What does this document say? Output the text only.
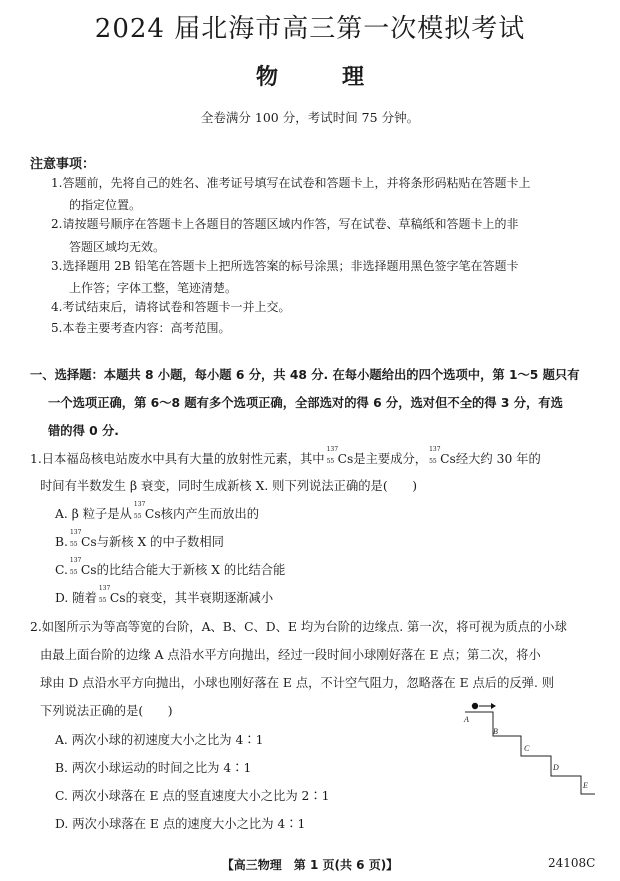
2024 届北海市高三第一次模拟考试
物	理
全卷满分 100 分，考试时间 75 分钟。
注意事项：
1.答题前，先将自己的姓名、准考证号填写在试卷和答题卡上，并将条形码粘贴在答题卡上
的指定位置。
2.请按题号顺序在答题卡上各题目的答题区域内作答，写在试卷、草稿纸和答题卡上的非
答题区域均无效。
3.选择题用 2B 铅笔在答题卡上把所选答案的标号涂黑；非选择题用黑色签字笔在答题卡
上作答；字体工整，笔迹清楚。
4.考试结束后，请将试卷和答题卡一并上交。
5.本卷主要考查内容：高考范围。
一、选择题：本题共 8 小题，每小题 6 分，共 48 分. 在每小题给出的四个选项中，第 1～5 题只有
一个选项正确，第 6～8 题有多个选项正确，全部选对的得 6 分，选对但不全的得 3 分，有选
错的得 0 分.
1.日本福岛核电站废水中具有大量的放射性元素，其中
137
55 Cs是主要成分，
137
55 Cs经大约 30 年的
时间有半数发生 β 衰变，同时生成新核 X. 则下列说法正确的是(　　)
A. β 粒子是从
137
55 Cs核内产生而放出的
B.
137
55 Cs与新核 X 的中子数相同
C.
137
55 Cs的比结合能大于新核 X 的比结合能
D. 随着
137
55 Cs的衰变，其半衰期逐渐减小
2.如图所示为等高等宽的台阶，A、B、C、D、E 均为台阶的边缘点. 第一次，将可视为质点的小球
由最上面台阶的边缘 A 点沿水平方向抛出，经过一段时间小球刚好落在 E 点；第二次，将小
球由 D 点沿水平方向抛出，小球也刚好落在 E 点，不计空气阻力，忽略落在 E 点后的反弹. 则
下列说法正确的是(　　)
A. 两次小球的初速度大小之比为 4∶1
B. 两次小球运动的时间之比为 4∶1
C. 两次小球落在 E 点的竖直速度大小之比为 2∶1
D. 两次小球落在 E 点的速度大小之比为 4∶1
A
B
C
D
E
【高三物理　第 1 页(共 6 页)】	24108C
